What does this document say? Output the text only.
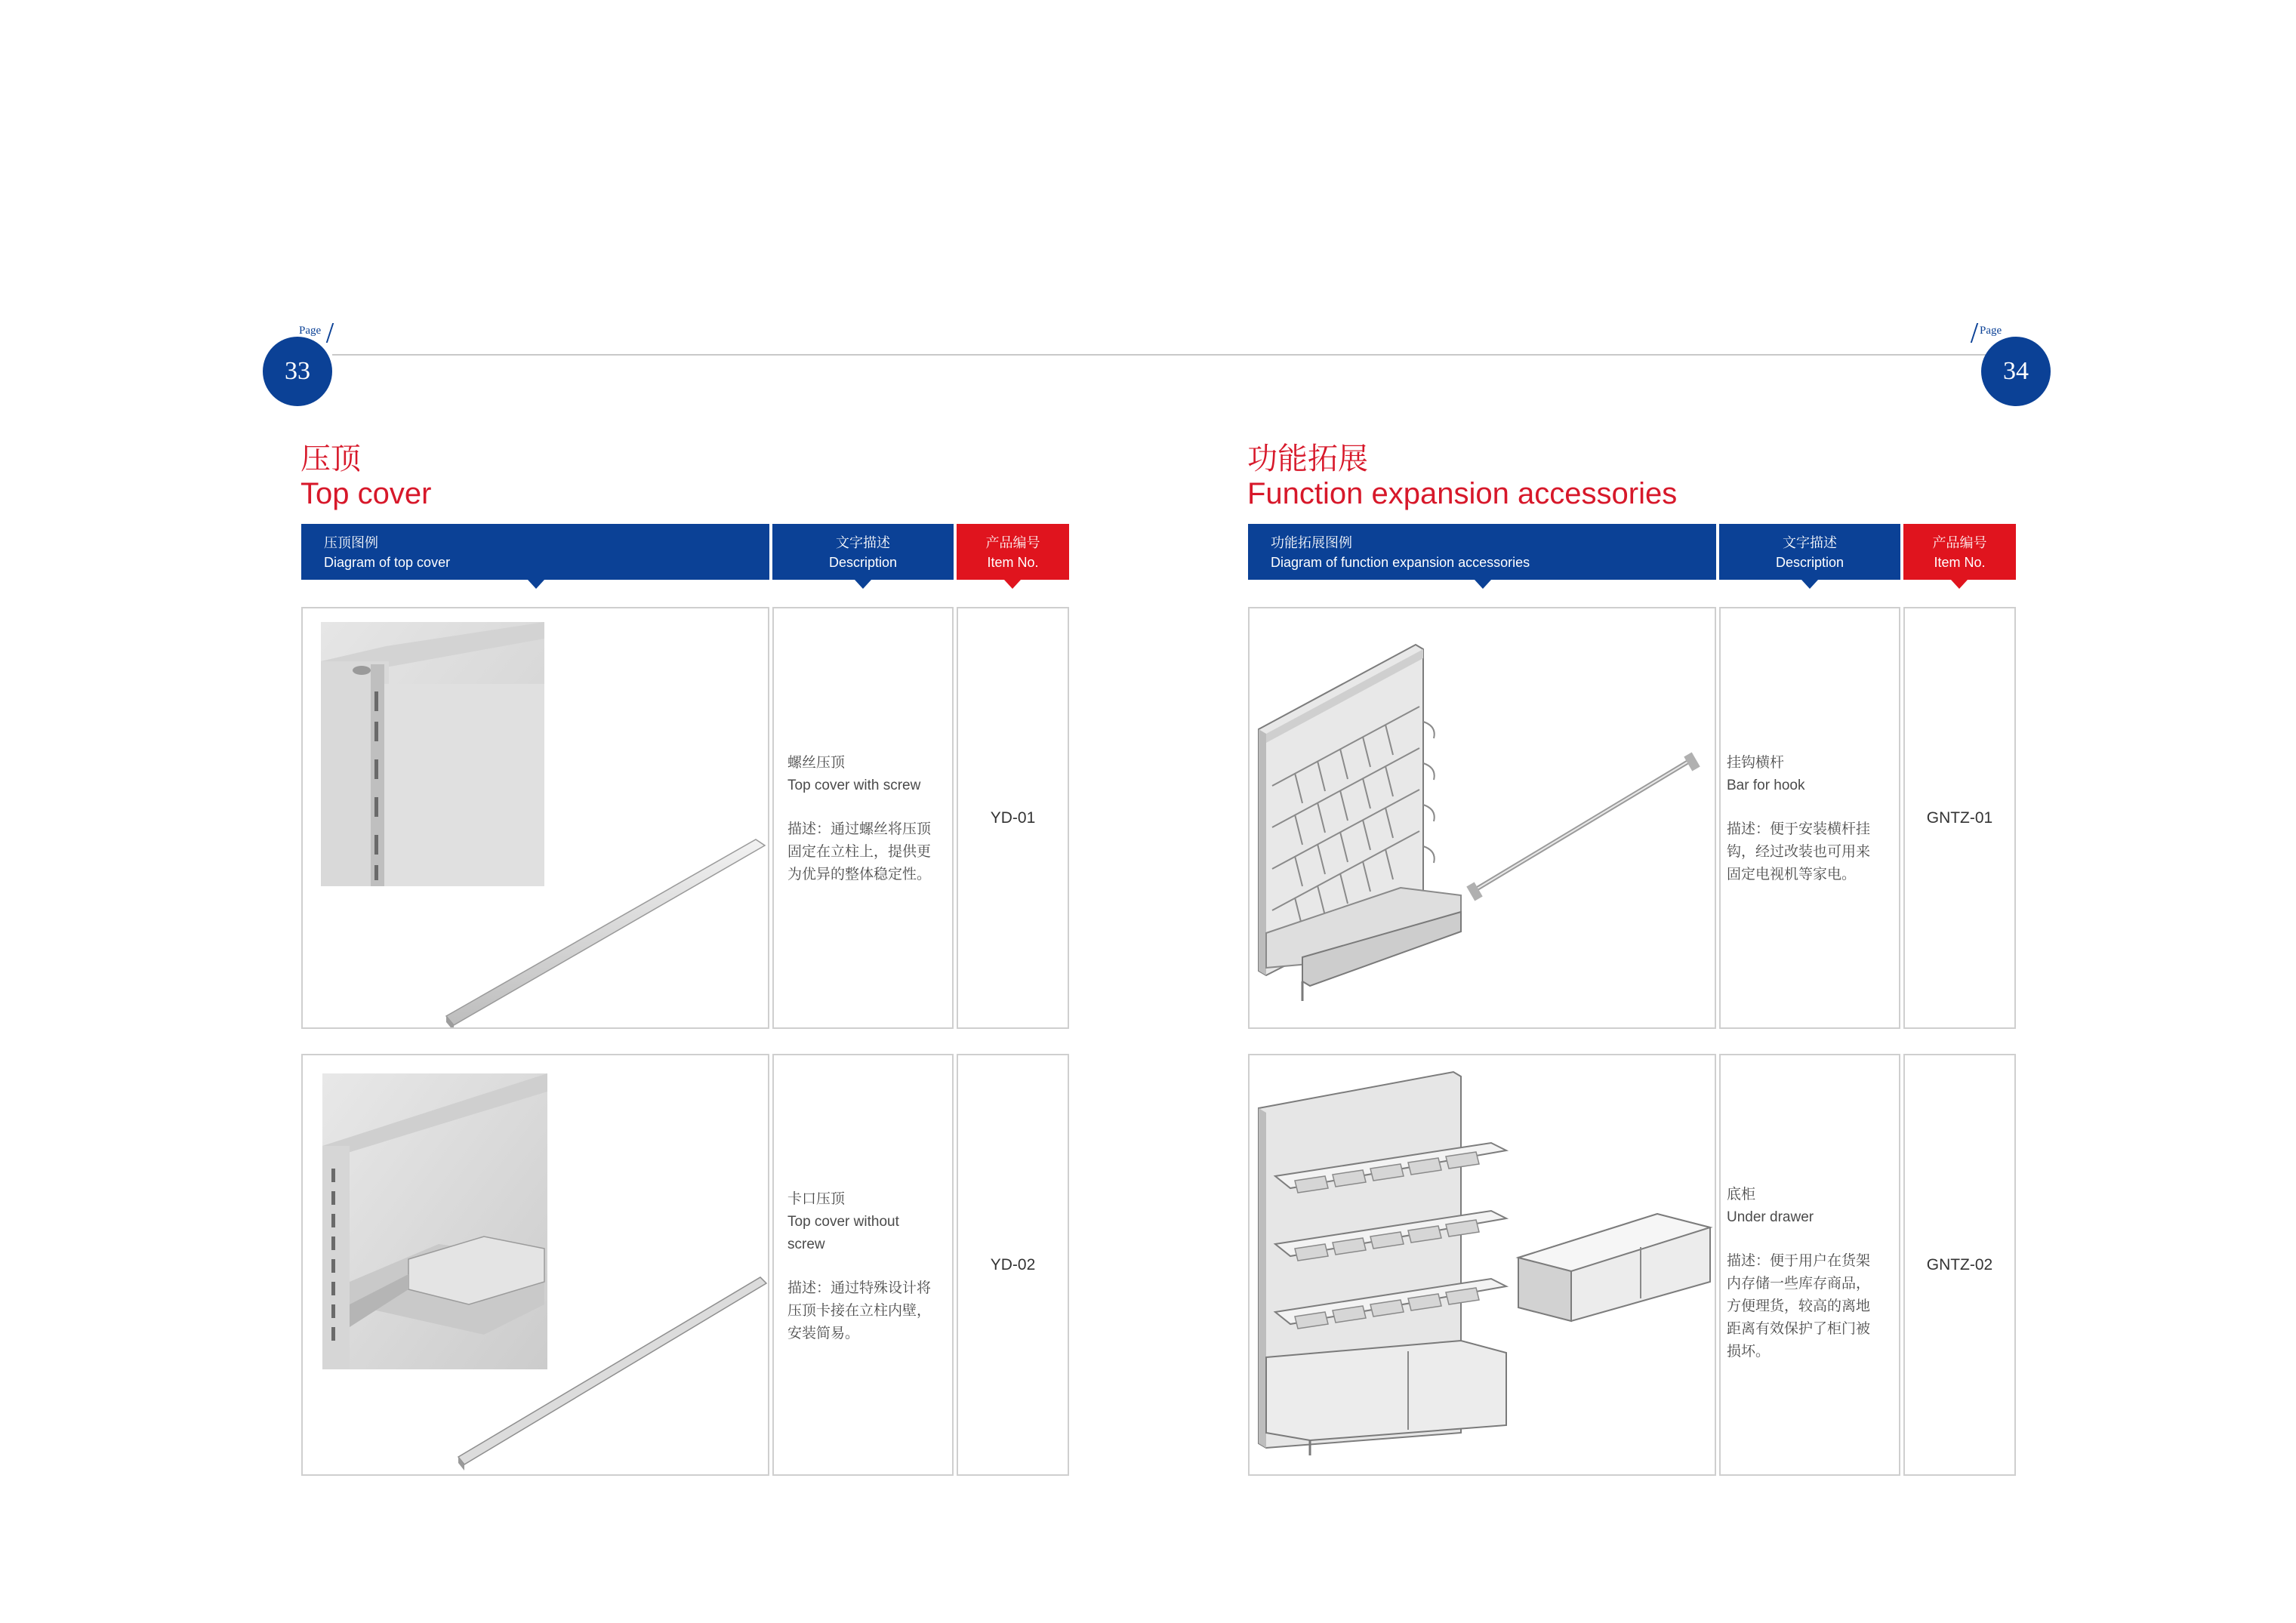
Page
33
Page
34
压顶
Top cover
压顶图例
Diagram of top cover
文字描述
Description
产品编号
Item No.
螺丝压顶
Top cover with screw
描述：通过螺丝将压顶
固定在立柱上，提供更
为优异的整体稳定性。
YD-01
卡口压顶
Top cover without
screw
描述：通过特殊设计将
压顶卡接在立柱内壁，
安装简易。
YD-02
功能拓展
Function expansion accessories
功能拓展图例
Diagram of function expansion accessories
文字描述
Description
产品编号
Item No.
挂钩横杆
Bar for hook
描述：便于安装横杆挂
钩，经过改装也可用来
固定电视机等家电。
GNTZ-01
底柜
Under drawer
描述：便于用户在货架
内存储一些库存商品，
方便理货，较高的离地
距离有效保护了柜门被
损坏。
GNTZ-02
